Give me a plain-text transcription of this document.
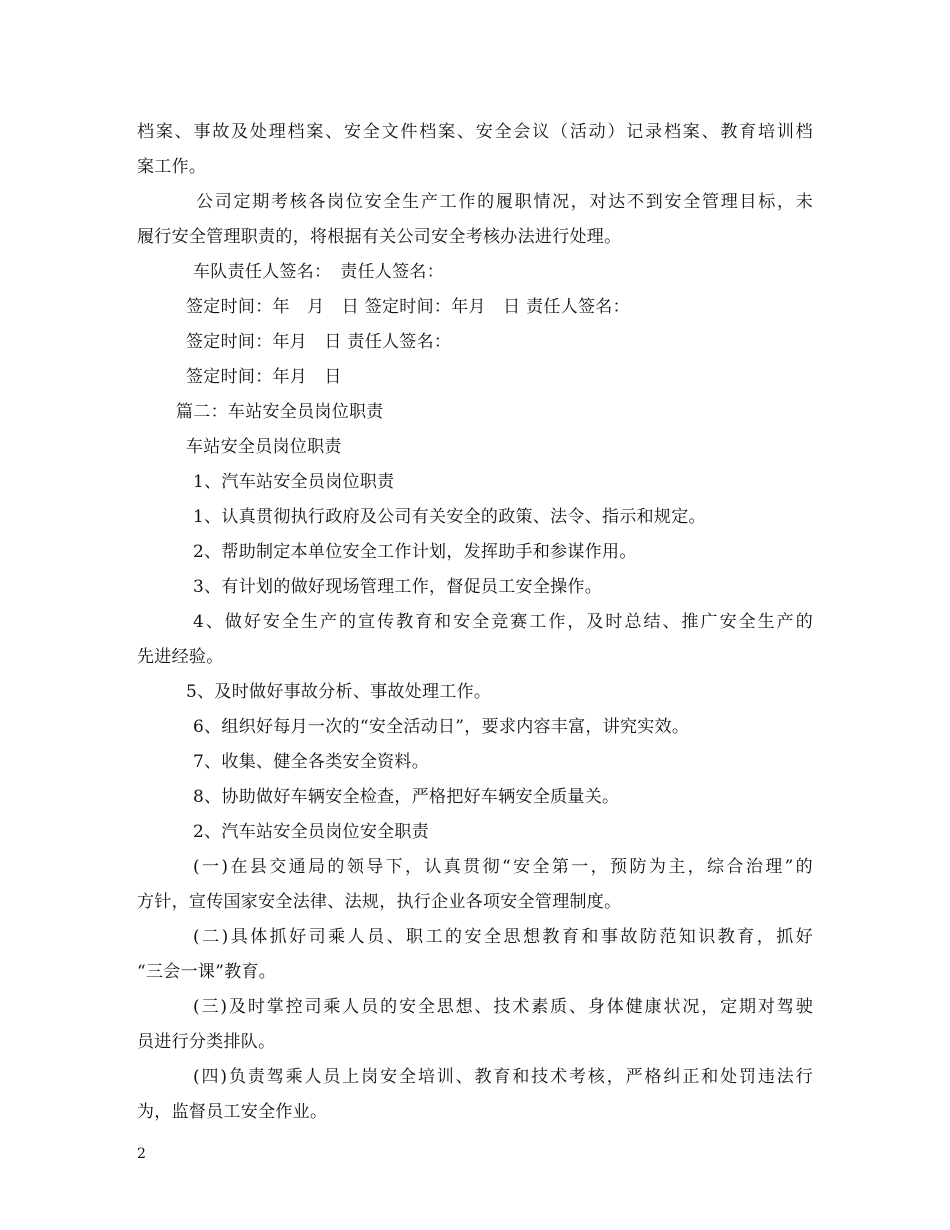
档案、事故及处理档案、安全文件档案、安全会议（活动）记录档案、教育培训档
案工作。
公司定期考核各岗位安全生产工作的履职情况，对达不到安全管理目标，未
履行安全管理职责的，将根据有关公司安全考核办法进行处理。
车队责任人签名：　责任人签名：
签定时间：年　月　日 签定时间：年月　日 责任人签名：
签定时间：年月　日 责任人签名：
签定时间：年月　日
篇二：车站安全员岗位职责
车站安全员岗位职责
1、汽车站安全员岗位职责
1、认真贯彻执行政府及公司有关安全的政策、法令、指示和规定。
2、帮助制定本单位安全工作计划，发挥助手和参谋作用。
3、有计划的做好现场管理工作，督促员工安全操作。
4、做好安全生产的宣传教育和安全竞赛工作，及时总结、推广安全生产的
先进经验。
5、及时做好事故分析、事故处理工作。
6、组织好每月一次的“安全活动日”，要求内容丰富，讲究实效。
7、收集、健全各类安全资料。
8、协助做好车辆安全检查，严格把好车辆安全质量关。
2、汽车站安全员岗位安全职责
(一)在县交通局的领导下，认真贯彻“安全第一，预防为主，综合治理”的
方针，宣传国家安全法律、法规，执行企业各项安全管理制度。
(二)具体抓好司乘人员、职工的安全思想教育和事故防范知识教育，抓好
“三会一课”教育。
(三)及时掌控司乘人员的安全思想、技术素质、身体健康状况，定期对驾驶
员进行分类排队。
(四)负责驾乘人员上岗安全培训、教育和技术考核，严格纠正和处罚违法行
为，监督员工安全作业。
2
